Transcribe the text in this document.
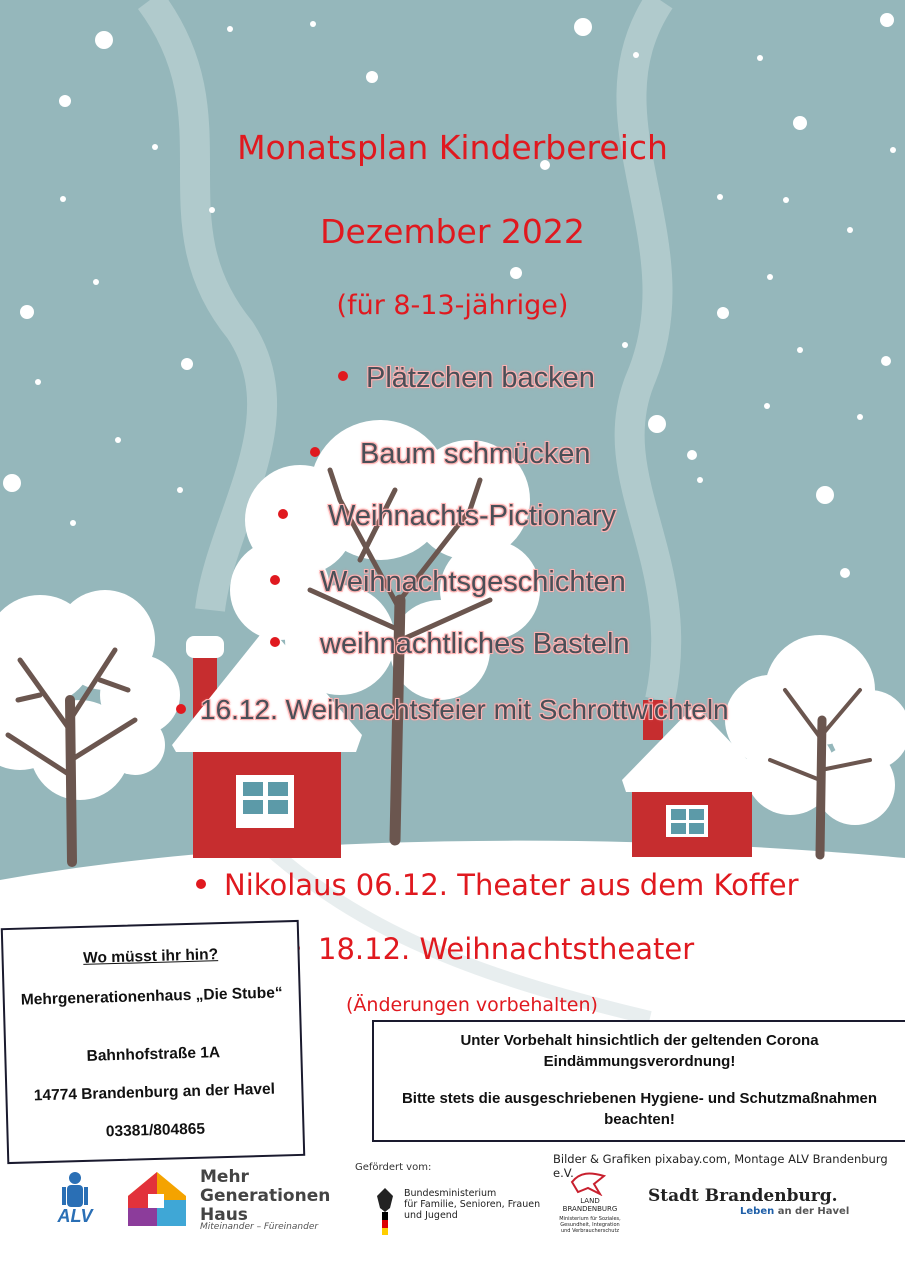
Monatsplan Kinderbereich
Dezember 2022
(für 8-13-jährige)
Plätzchen backen
Baum schmücken
Weihnachts-Pictionary
Weihnachtsgeschichten
weihnachtliches Basteln
16.12. Weihnachtsfeier mit Schrottwichteln
Nikolaus 06.12. Theater aus dem Koffer
18.12. Weihnachtstheater
(Änderungen vorbehalten)

Wo müsst ihr hin?

Mehrgenerationenhaus „Die Stube“

Bahnhofstraße 1A

14774 Brandenburg an der Havel

03381/804865

Unter Vorbehalt hinsichtlich der geltenden Corona Eindämmungsverordnung!

Bitte stets die ausgeschriebenen Hygiene- und Schutzmaßnahmen beachten!

Bilder & Grafiken pixabay.com, Montage ALV Brandenburg e.V.
ALV
Mehr
Generationen
Haus
Miteinander – Füreinander
Gefördert vom:
Bundesministerium
für Familie, Senioren, Frauen
und Jugend
LAND
BRANDENBURG
Ministerium für Soziales,
Gesundheit, Integration
und Verbraucherschutz
Stadt Brandenburg.
Leben an der Havel
